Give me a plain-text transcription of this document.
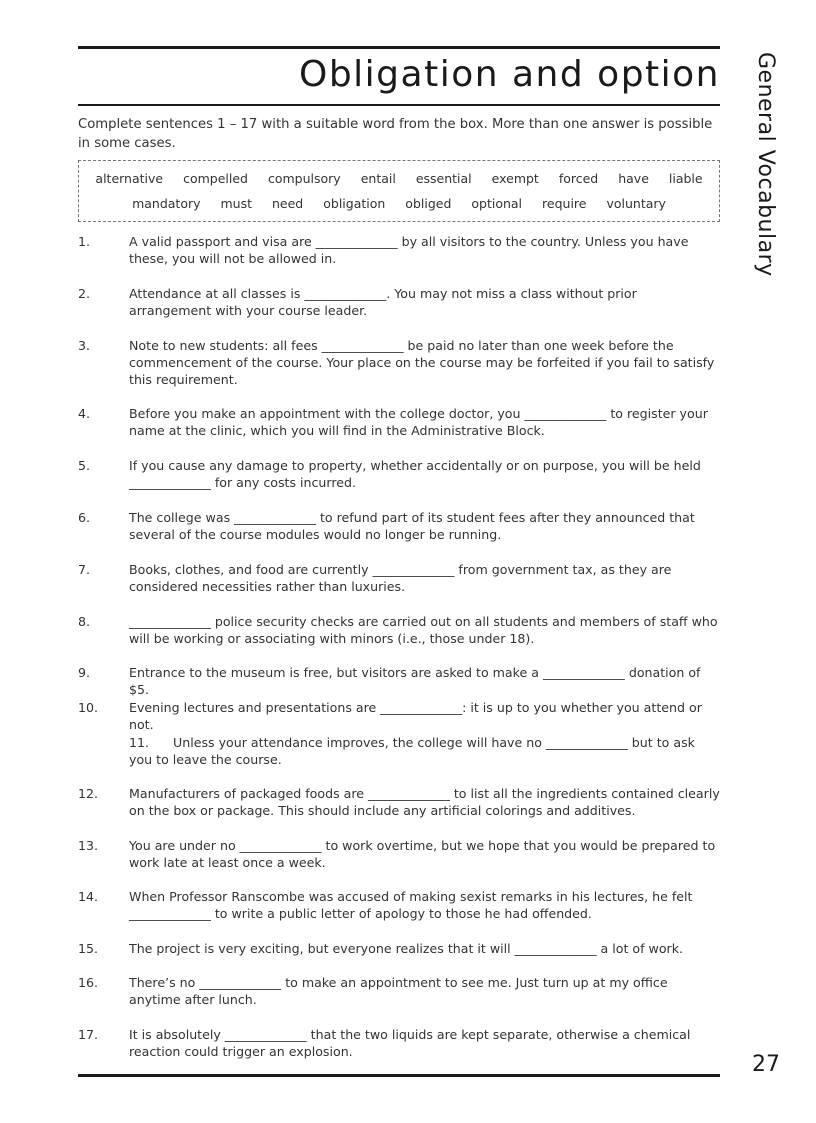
Obligation and option General Vocabulary

Complete sentences 1 – 17 with a suitable word from the box. More than one answer is possible in some cases.

alternative compelled compulsory entail essential exempt forced have liable
mandatory must need obligation obliged optional require voluntary
1.	A valid passport and visa are _____________ by all visitors to the country. Unless you have these, you will not be allowed in.
2.	Attendance at all classes is _____________. You may not miss a class without prior arrangement with your course leader.
3.	Note to new students: all fees _____________ be paid no later than one week before the commencement of the course. Your place on the course may be forfeited if you fail to satisfy this requirement.
4.	Before you make an appointment with the college doctor, you _____________ to register your name at the clinic, which you will find in the Administrative Block.
5.	If you cause any damage to property, whether accidentally or on purpose, you will be held _____________ for any costs incurred.
6.	The college was _____________ to refund part of its student fees after they announced that several of the course modules would no longer be running.
7.	Books, clothes, and food are currently _____________ from government tax, as they are considered necessities rather than luxuries.
8.	_____________ police security checks are carried out on all students and members of staff who will be working or associating with minors (i.e., those under 18).
9.	Entrance to the museum is free, but visitors are asked to make a _____________ donation of $5.
10. Evening lectures and presentations are _____________: it is up to you whether you attend or not.
11. Unless your attendance improves, the college will have no _____________ but to ask you to leave the course.
12. Manufacturers of packaged foods are _____________ to list all the ingredients contained clearly on the box or package. This should include any artificial colorings and additives.
13. You are under no _____________ to work overtime, but we hope that you would be prepared to work late at least once a week.
14. When Professor Ranscombe was accused of making sexist remarks in his lectures, he felt _____________ to write a public letter of apology to those he had offended.
15. The project is very exciting, but everyone realizes that it will _____________ a lot of work.
16. There’s no _____________ to make an appointment to see me. Just turn up at my office anytime after lunch.
17. It is absolutely _____________ that the two liquids are kept separate, otherwise a chemical reaction could trigger an explosion.
27
